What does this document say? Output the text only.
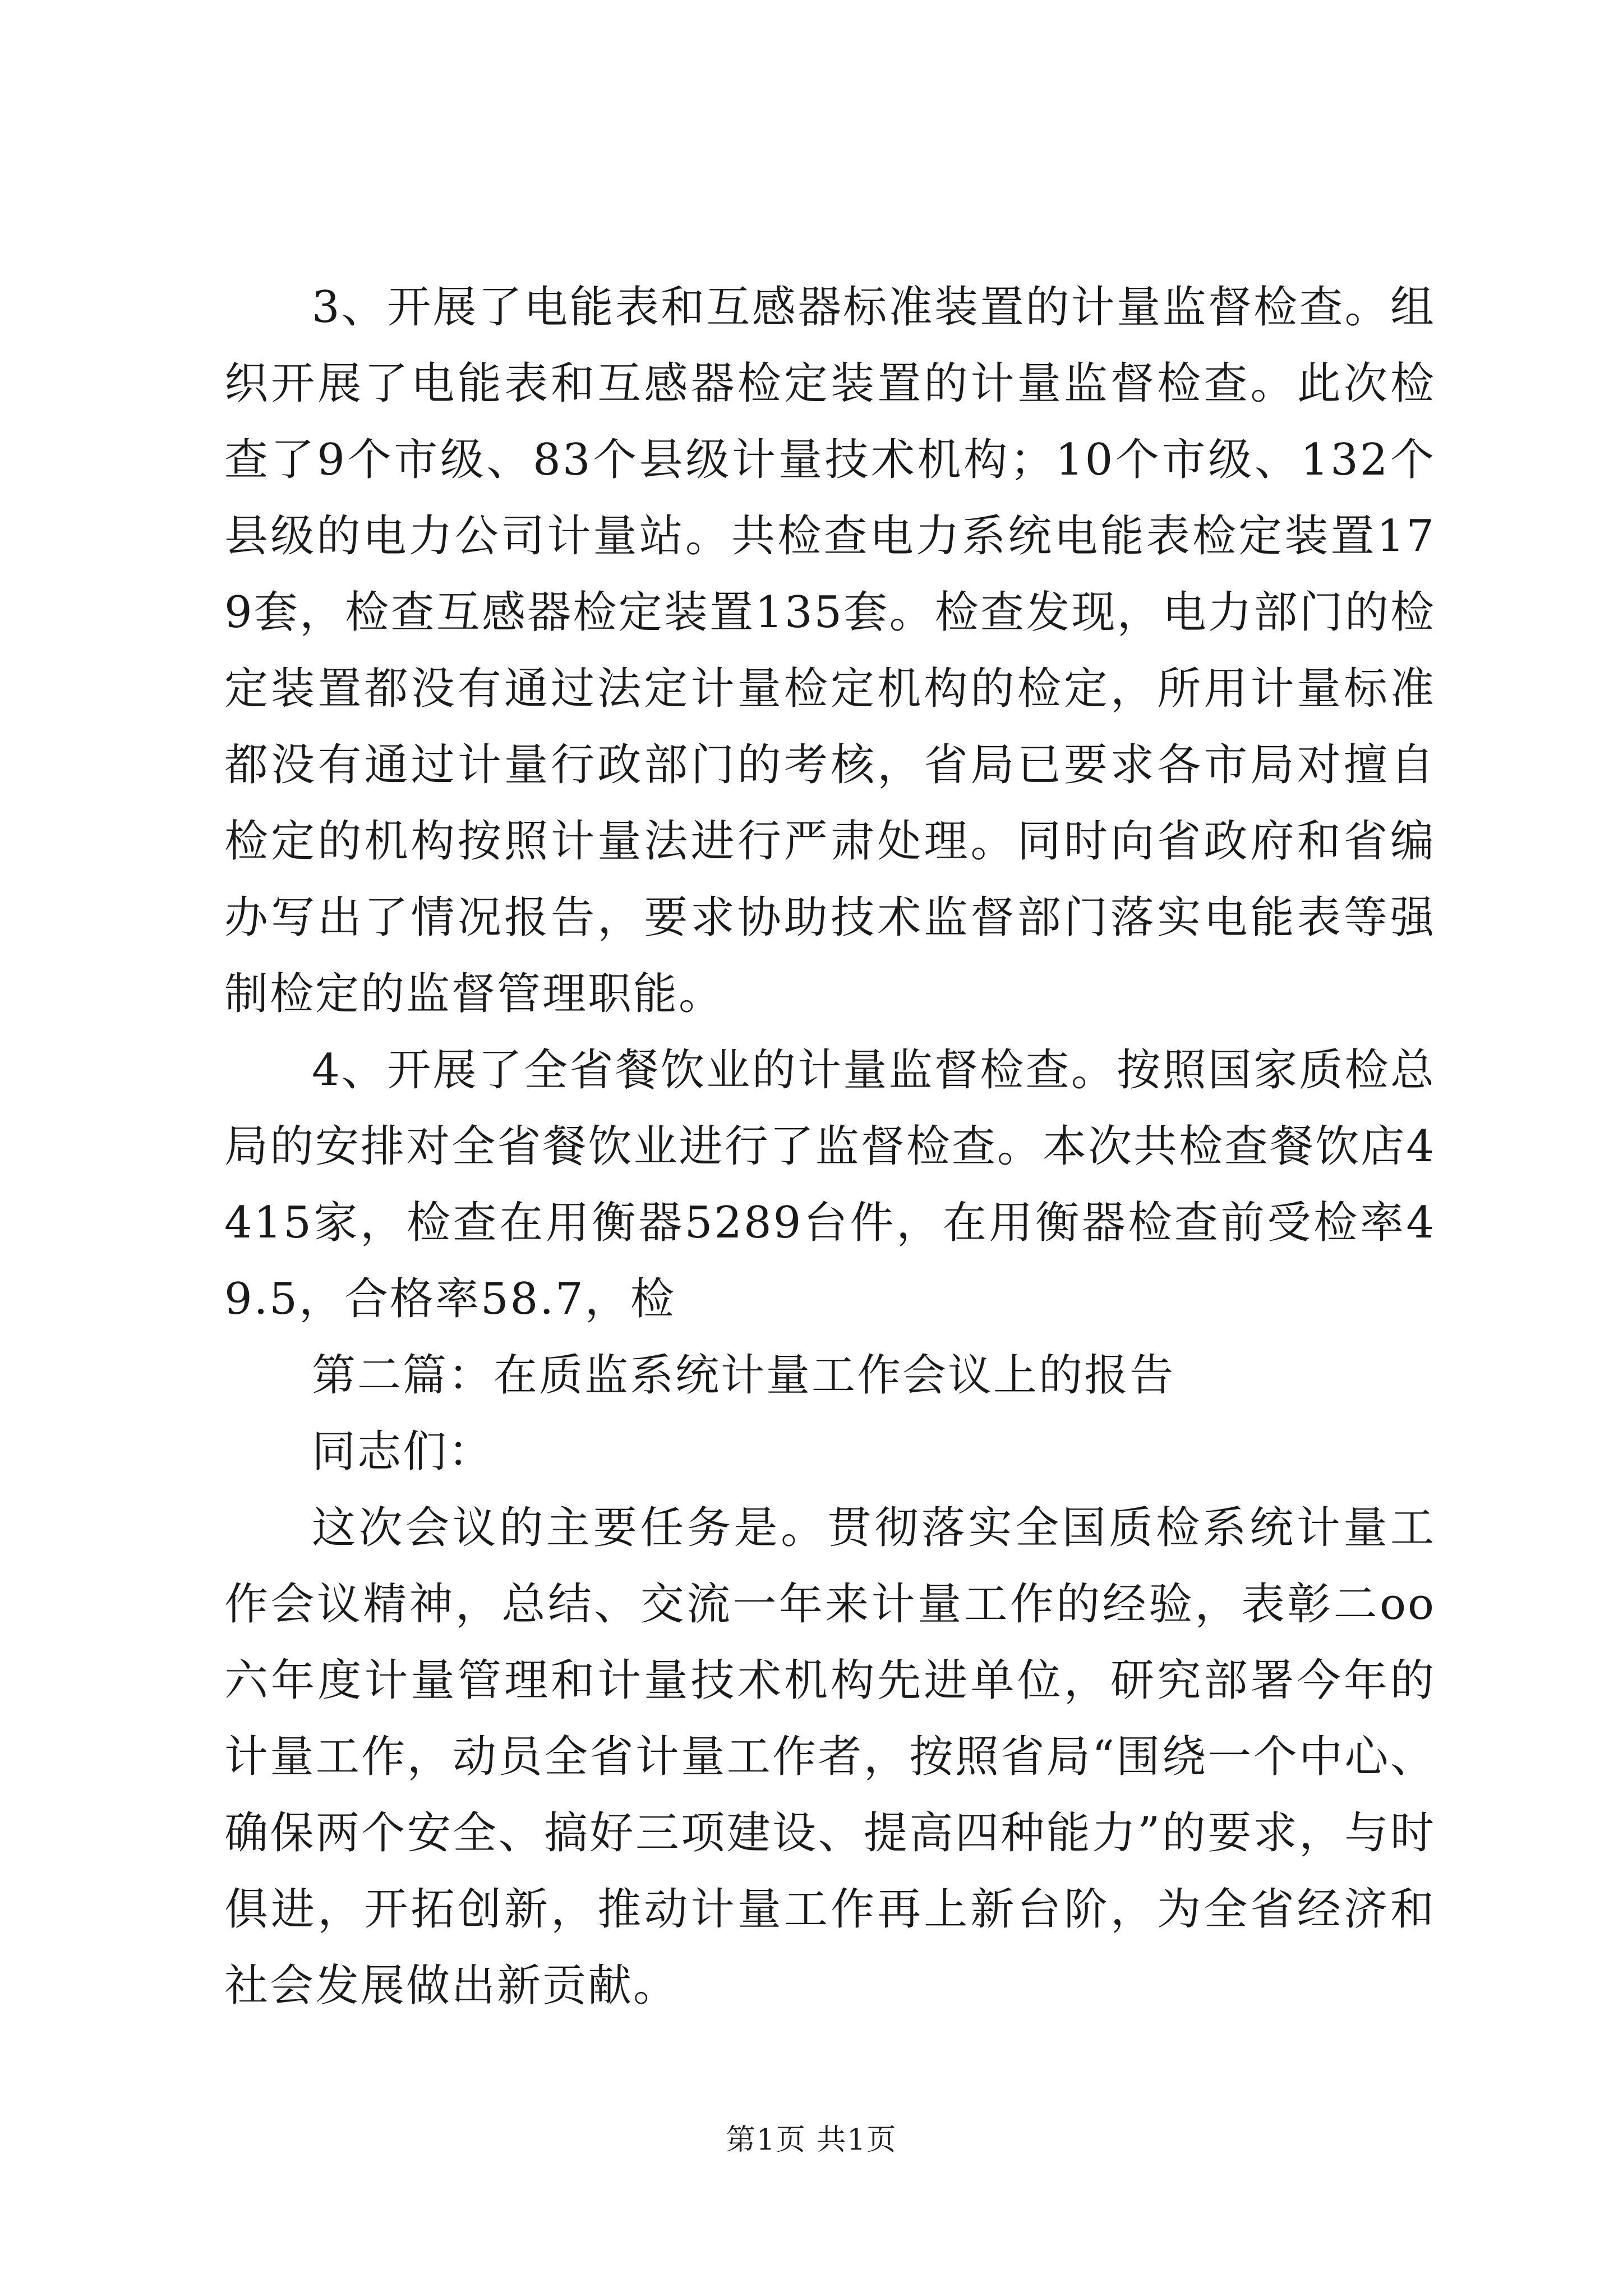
3、开展了电能表和互感器标准装置的计量监督检查。组织开展了电能表和互感器检定装置的计量监督检查。此次检查了9个市级、83个县级计量技术机构；10个市级、132个县级的电力公司计量站。共检查电力系统电能表检定装置179套，检查互感器检定装置135套。检查发现，电力部门的检定装置都没有通过法定计量检定机构的检定，所用计量标准都没有通过计量行政部门的考核，省局已要求各市局对擅自检定的机构按照计量法进行严肃处理。同时向省政府和省编办写出了情况报告，要求协助技术监督部门落实电能表等强制检定的监督管理职能。

4、开展了全省餐饮业的计量监督检查。按照国家质检总局的安排对全省餐饮业进行了监督检查。本次共检查餐饮店4415家，检查在用衡器5289台件，在用衡器检查前受检率49.5，合格率58.7，检

第二篇：在质监系统计量工作会议上的报告

同志们：

这次会议的主要任务是。贯彻落实全国质检系统计量工作会议精神，总结、交流一年来计量工作的经验，表彰二oo六年度计量管理和计量技术机构先进单位，研究部署今年的计量工作，动员全省计量工作者，按照省局“围绕一个中心、确保两个安全、搞好三项建设、提高四种能力”的要求，与时俱进，开拓创新，推动计量工作再上新台阶，为全省经济和社会发展做出新贡献。

第1页 共1页
